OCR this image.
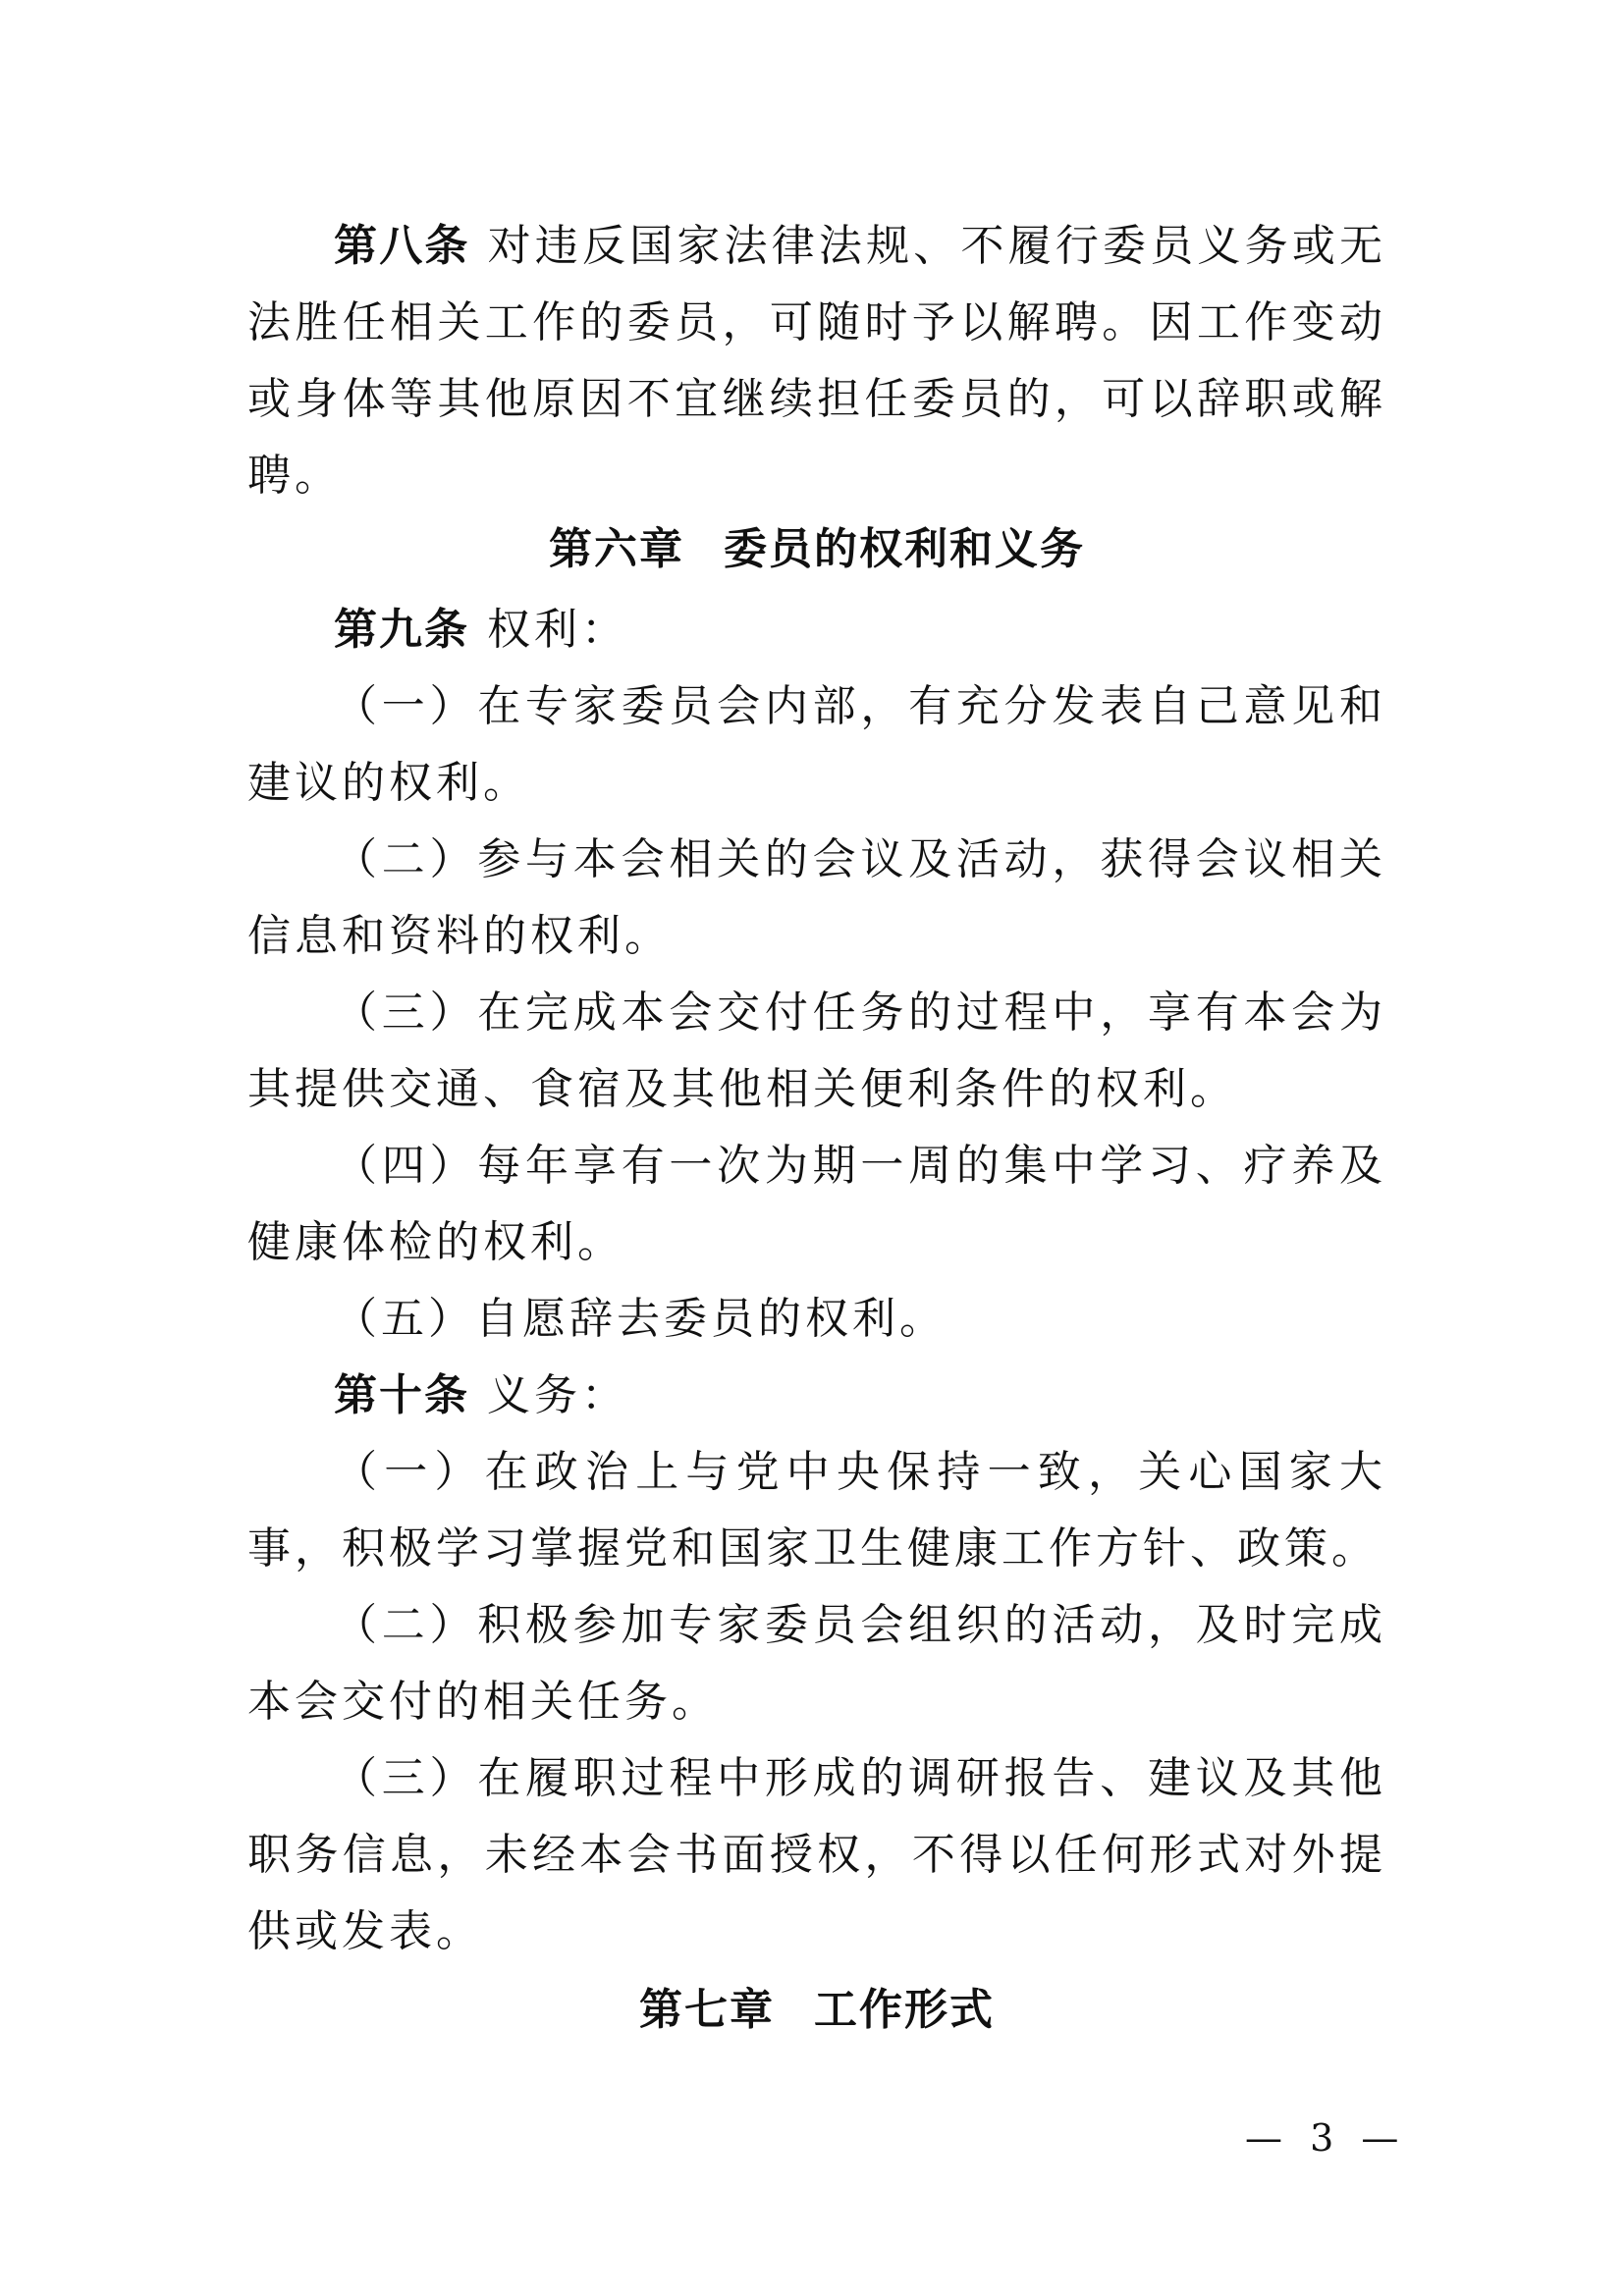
第八条 对违反国家法律法规、不履行委员义务或无法胜任相关工作的委员，可随时予以解聘。因工作变动或身体等其他原因不宜继续担任委员的，可以辞职或解聘。

第六章 委员的权利和义务

第九条 权利：

（一）在专家委员会内部，有充分发表自己意见和建议的权利。

（二）参与本会相关的会议及活动，获得会议相关信息和资料的权利。

（三）在完成本会交付任务的过程中，享有本会为其提供交通、食宿及其他相关便利条件的权利。

（四）每年享有一次为期一周的集中学习、疗养及健康体检的权利。

（五）自愿辞去委员的权利。

第十条 义务：

（一）在政治上与党中央保持一致，关心国家大事，积极学习掌握党和国家卫生健康工作方针、政策。

（二）积极参加专家委员会组织的活动，及时完成本会交付的相关任务。

（三）在履职过程中形成的调研报告、建议及其他职务信息，未经本会书面授权，不得以任何形式对外提供或发表。

第七章 工作形式
— 3 —
